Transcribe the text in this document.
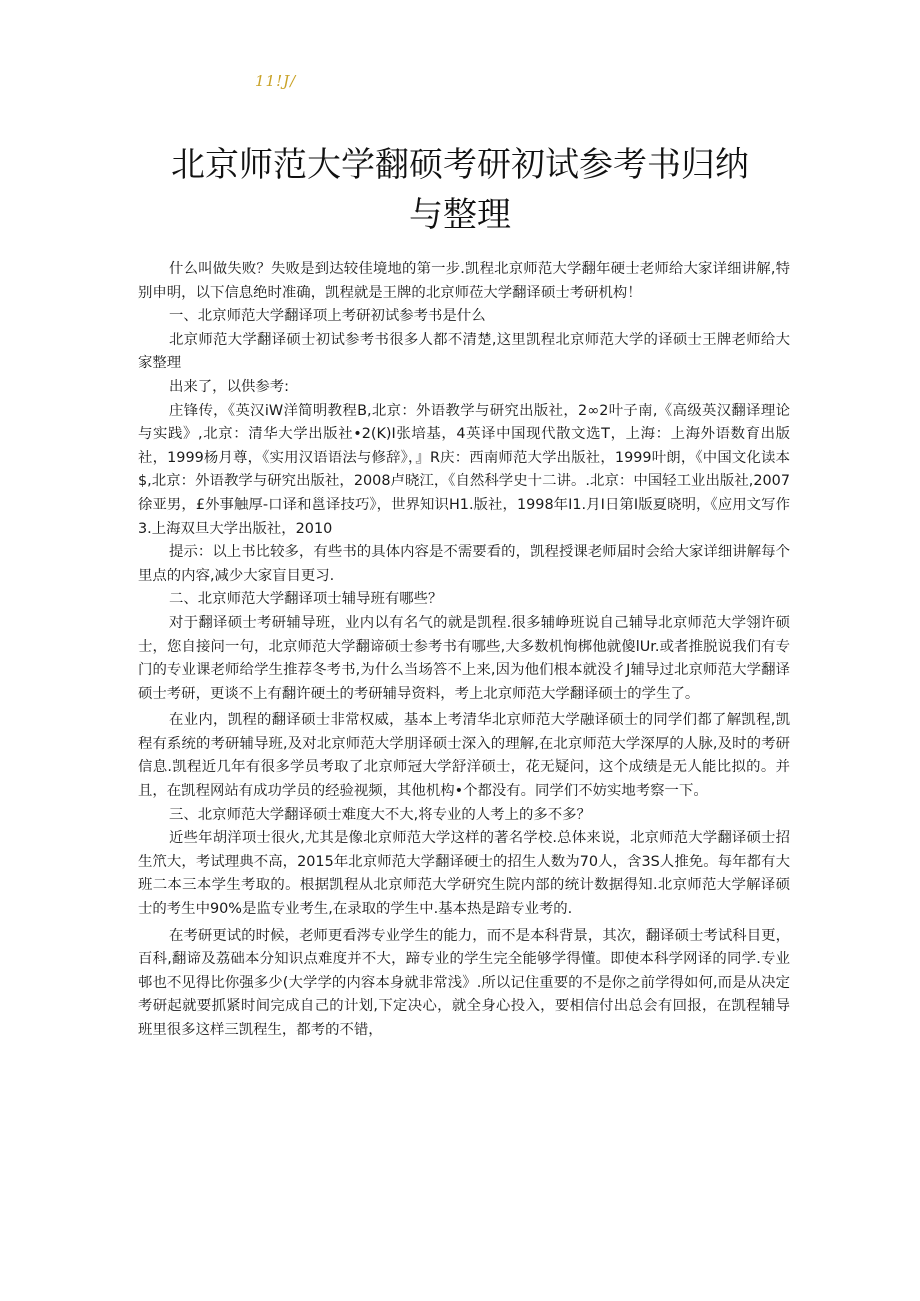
11!J/
北京师范大学翻硕考研初试参考书归纳
与整理

什么叫做失败？失败是到达较佳境地的第一步.凯程北京师范大学翻年硬士老师给大家详细讲解,特别申明，以下信息绝时准确，凯程就是王牌的北京师莅大学翻译硕士考研机构！

一、北京师范大学翻译项上考研初试参考书是什么

北京师范大学翻译硕士初试参考书很多人都不清楚,这里凯程北京师范大学的译硕士王牌老师给大家整理

出来了，以供参考:

庄锋传，《英汉iW洋简明教程B,北京：外语教学与研究出版社，2∞2叶子南,《高级英汉翻译理论与实践》,北京：清华大学出版社•2(K)I张培基，4英译中国现代散文选T，上海：上海外语数育出版社，1999杨月尊，《实用汉语语法与修辞》，』R庆：西南师范大学出版社，1999叶朗，《中国文化读本$,北京：外语教学与研究出版社，2008卢晓江，《自然科学史十二讲。.北京：中国轻工业出版社,2007徐亚男，£外事触厚-口译和邕译技巧》，世界知识H1.版社，1998年I1.月I日第I版夏晓明，《应用文写作3.上海双旦大学出版社，2010

提示：以上书比较多，有些书的具体内容是不需要看的，凯程授课老师届时会给大家详细讲解每个里点的内容,减少大家盲目更习.

二、北京师范大学翻译项士辅导班有哪些？

对于翻译硕士考研辅导班，业内以有名气的就是凯程.很多辅峥班说自己辅导北京师范大学翎许硕士，您自接问一句，北京师范大学翻谛硕士参考书有哪些,大多数机恂梆他就傻lUr.或者推脱说我们有专门的专业课老师给学生推荐冬考书,为什么当场答不上来,因为他们根本就没彳J辅导过北京师范大学翻译硕士考研，更谈不上有翻许硬土的考研辅导资料，考上北京师范大学翻译硕士的学生了。

在业内，凯程的翻译硕士非常权威，基本上考清华北京师范大学融译硕士的同学们都了解凯程,凯程有系统的考研辅导班,及对北京师范大学朋译硕士深入的理解,在北京师范大学深厚的人脉,及时的考研信息.凯程近几年有很多学员考取了北京师冠大学舒洋硕士，花无疑问，这个成绩是无人能比拟的。并且，在凯程网站有成功学员的经验视频，其他机构•个都没有。同学们不妨实地考察一下。

三、北京师范大学翻译硕士难度大不大,将专业的人考上的多不多？

近些年胡洋项士很火,尤其是像北京师范大学这样的著名学校.总体来说，北京师范大学翻译硕士招生笊大，考试理典不高，2015年北京师范大学翻译硬士的招生人数为70人，含3S人推免。每年都有大班二本三本学生考取的。根据凯程从北京师范大学研究生院内部的统计数据得知.北京师范大学解译硕士的考生中90%是监专业考生,在录取的学生中.基本热是踣专业考的.

在考研更试的时候，老师更看涔专业学生的能力，而不是本科背景，其次，翻译硕士考试科目更，百科,翻谛及荔础本分知识点难度并不大，蹄专业的学生完全能够学得懂。即使本科学网译的同学.专业邨也不见得比你强多少(大学学的内容本身就非常浅》.所以记住重要的不是你之前学得如何,而是从决定考研起就要抓紧时间完成自己的计划,下定决心，就全身心投入，要相信付出总会有回报，在凯程辅导班里很多这样三凯程生，都考的不错，
